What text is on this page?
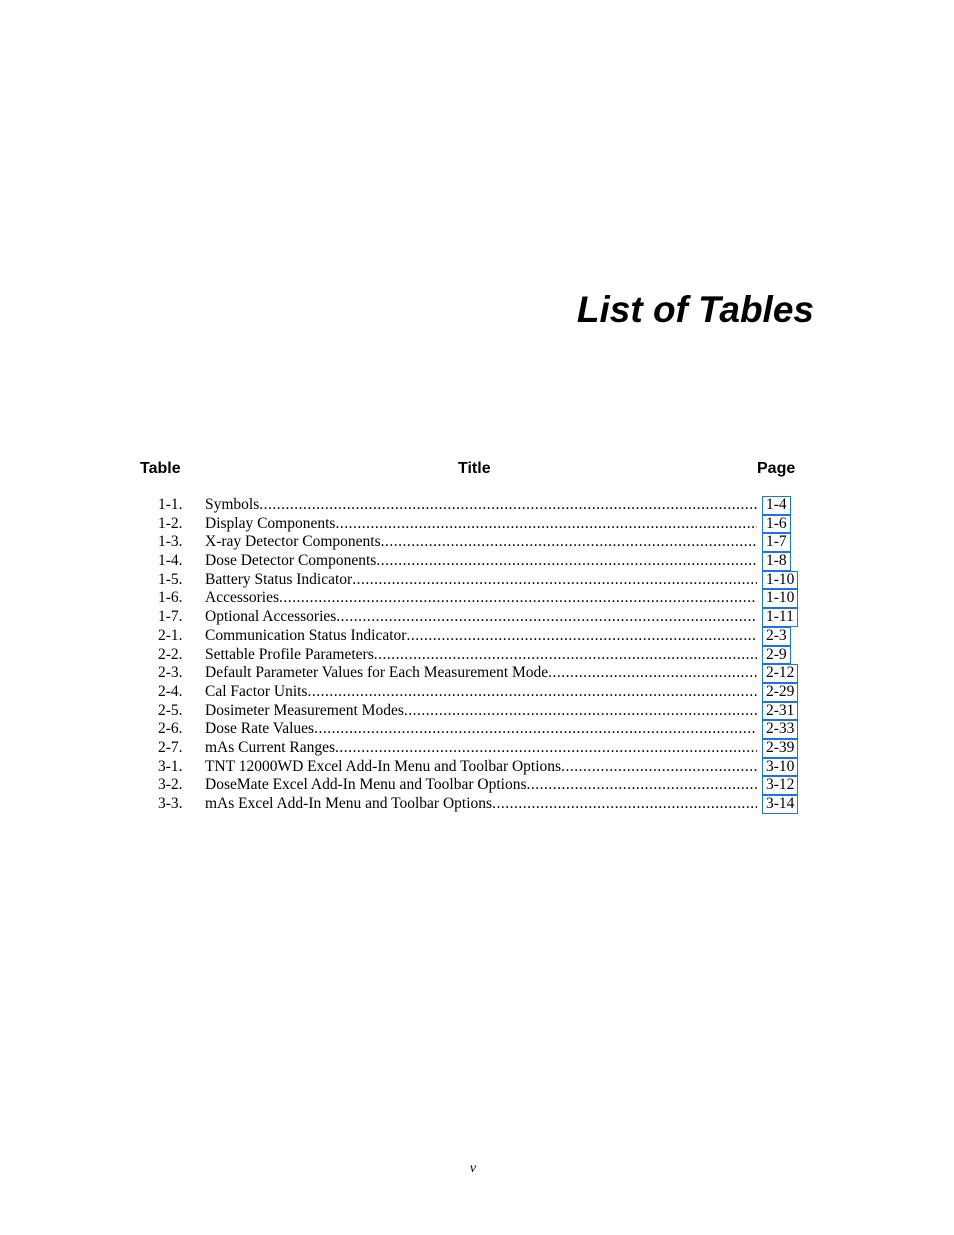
List of Tables
Table	Title	Page
1-1. Symbols .....	1-4
1-2. Display Components .....	1-6
1-3. X-ray Detector Components .....	1-7
1-4. Dose Detector Components .....	1-8
1-5. Battery Status Indicator .....	1-10
1-6. Accessories .....	1-10
1-7. Optional Accessories .....	1-11
2-1. Communication Status Indicator .....	2-3
2-2. Settable Profile Parameters .....	2-9
2-3. Default Parameter Values for Each Measurement Mode .....	2-12
2-4. Cal Factor Units .....	2-29
2-5. Dosimeter Measurement Modes .....	2-31
2-6. Dose Rate Values .....	2-33
2-7. mAs Current Ranges .....	2-39
3-1. TNT 12000WD Excel Add-In Menu and Toolbar Options .....	3-10
3-2. DoseMate Excel Add-In Menu and Toolbar Options .....	3-12
3-3. mAs Excel Add-In Menu and Toolbar Options .....	3-14
v
